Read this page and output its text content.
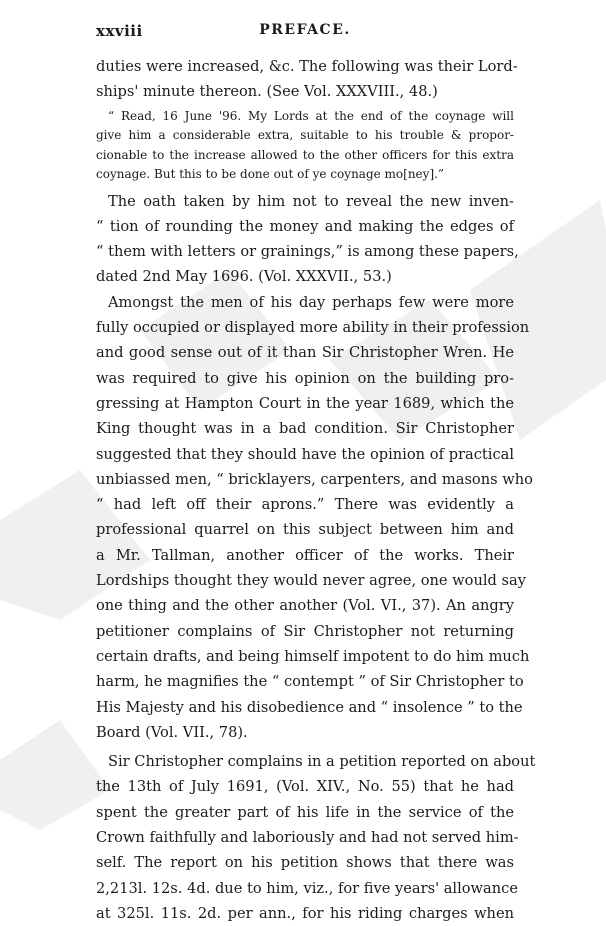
xxviii	PREFACE.
duties were increased, &c. The following was their Lord-
ships' minute thereon. (See Vol. XXXVIII., 48.)
“ Read, 16 June '96. My Lords at the end of the coynage will
give him a considerable extra, suitable to his trouble & propor-
cionable to the increase allowed to the other officers for this extra
coynage. But this to be done out of ye coynage mo[ney].”
The oath taken by him not to reveal the new inven-
“ tion of rounding the money and making the edges of
“ them with letters or grainings,” is among these papers,
dated 2nd May 1696. (Vol. XXXVII., 53.)
Amongst the men of his day perhaps few were more
fully occupied or displayed more ability in their profession
and good sense out of it than Sir Christopher Wren. He
was required to give his opinion on the building pro-
gressing at Hampton Court in the year 1689, which the
King thought was in a bad condition. Sir Christopher
suggested that they should have the opinion of practical
unbiassed men, “ bricklayers, carpenters, and masons who
“ had left off their aprons.” There was evidently a
professional quarrel on this subject between him and
a Mr. Tallman, another officer of the works. Their
Lordships thought they would never agree, one would say
one thing and the other another (Vol. VI., 37). An angry
petitioner complains of Sir Christopher not returning
certain drafts, and being himself impotent to do him much
harm, he magnifies the “ contempt ” of Sir Christopher to
His Majesty and his disobedience and “ insolence ” to the
Board (Vol. VII., 78).
Sir Christopher complains in a petition reported on about
the 13th of July 1691, (Vol. XIV., No. 55) that he had
spent the greater part of his life in the service of the
Crown faithfully and laboriously and had not served him-
self. The report on his petition shows that there was
2,213l. 12s. 4d. due to him, viz., for five years' allowance
at 325l. 11s. 2d. per ann., for his riding charges when
